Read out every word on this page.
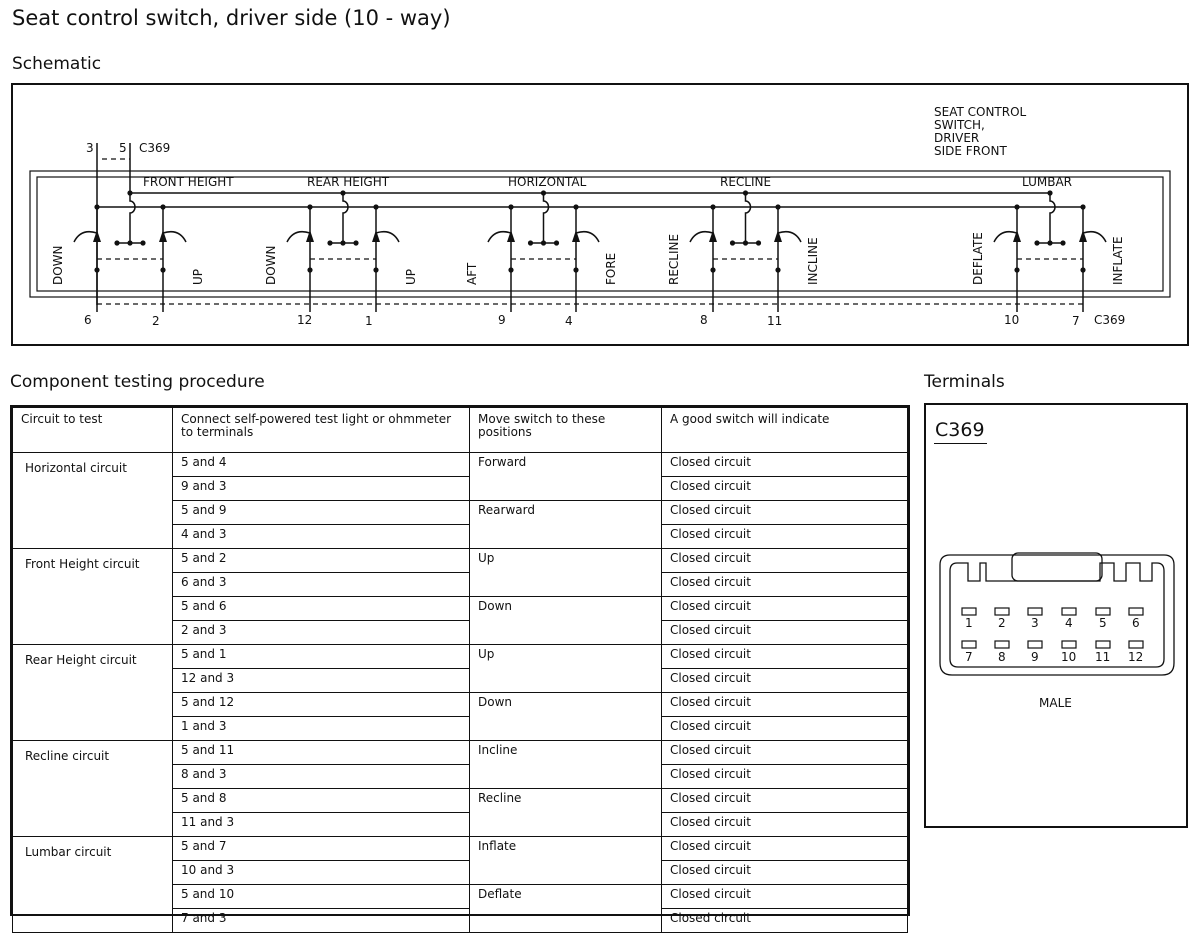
Seat control switch, driver side (10 - way)
Schematic
SEAT CONTROL
SWITCH,
DRIVER
SIDE FRONT
3 5 C369
C369
FRONT HEIGHT
DOWN	UP
6	2
REAR HEIGHT
DOWN	UP
12	1
HORIZONTAL
AFT	FORE
9	4
RECLINE
RECLINE	INCLINE
8	11
LUMBAR
DEFLATE	INFLATE
10	7
Component testing procedure	Terminals
Circuit to test	Connect self-powered test light or ohmmeter to terminals	Move switch to these positions	A good switch will indicate
Horizontal circuit	5 and 4	Forward	Closed circuit
	9 and 3		Closed circuit
	5 and 9	Rearward	Closed circuit
	4 and 3		Closed circuit
Front Height circuit	5 and 2	Up	Closed circuit
	6 and 3		Closed circuit
	5 and 6	Down	Closed circuit
	2 and 3		Closed circuit
Rear Height circuit	5 and 1	Up	Closed circuit
	12 and 3		Closed circuit
	5 and 12	Down	Closed circuit
	1 and 3		Closed circuit
Recline circuit	5 and 11	Incline	Closed circuit
	8 and 3		Closed circuit
	5 and 8	Recline	Closed circuit
	11 and 3		Closed circuit
Lumbar circuit	5 and 7	Inflate	Closed circuit
	10 and 3		Closed circuit
	5 and 10	Deflate	Closed circuit
	7 and 3		Closed circuit
C369
1 2 3 4 5 6
7 8 9 10 11 12
MALE
